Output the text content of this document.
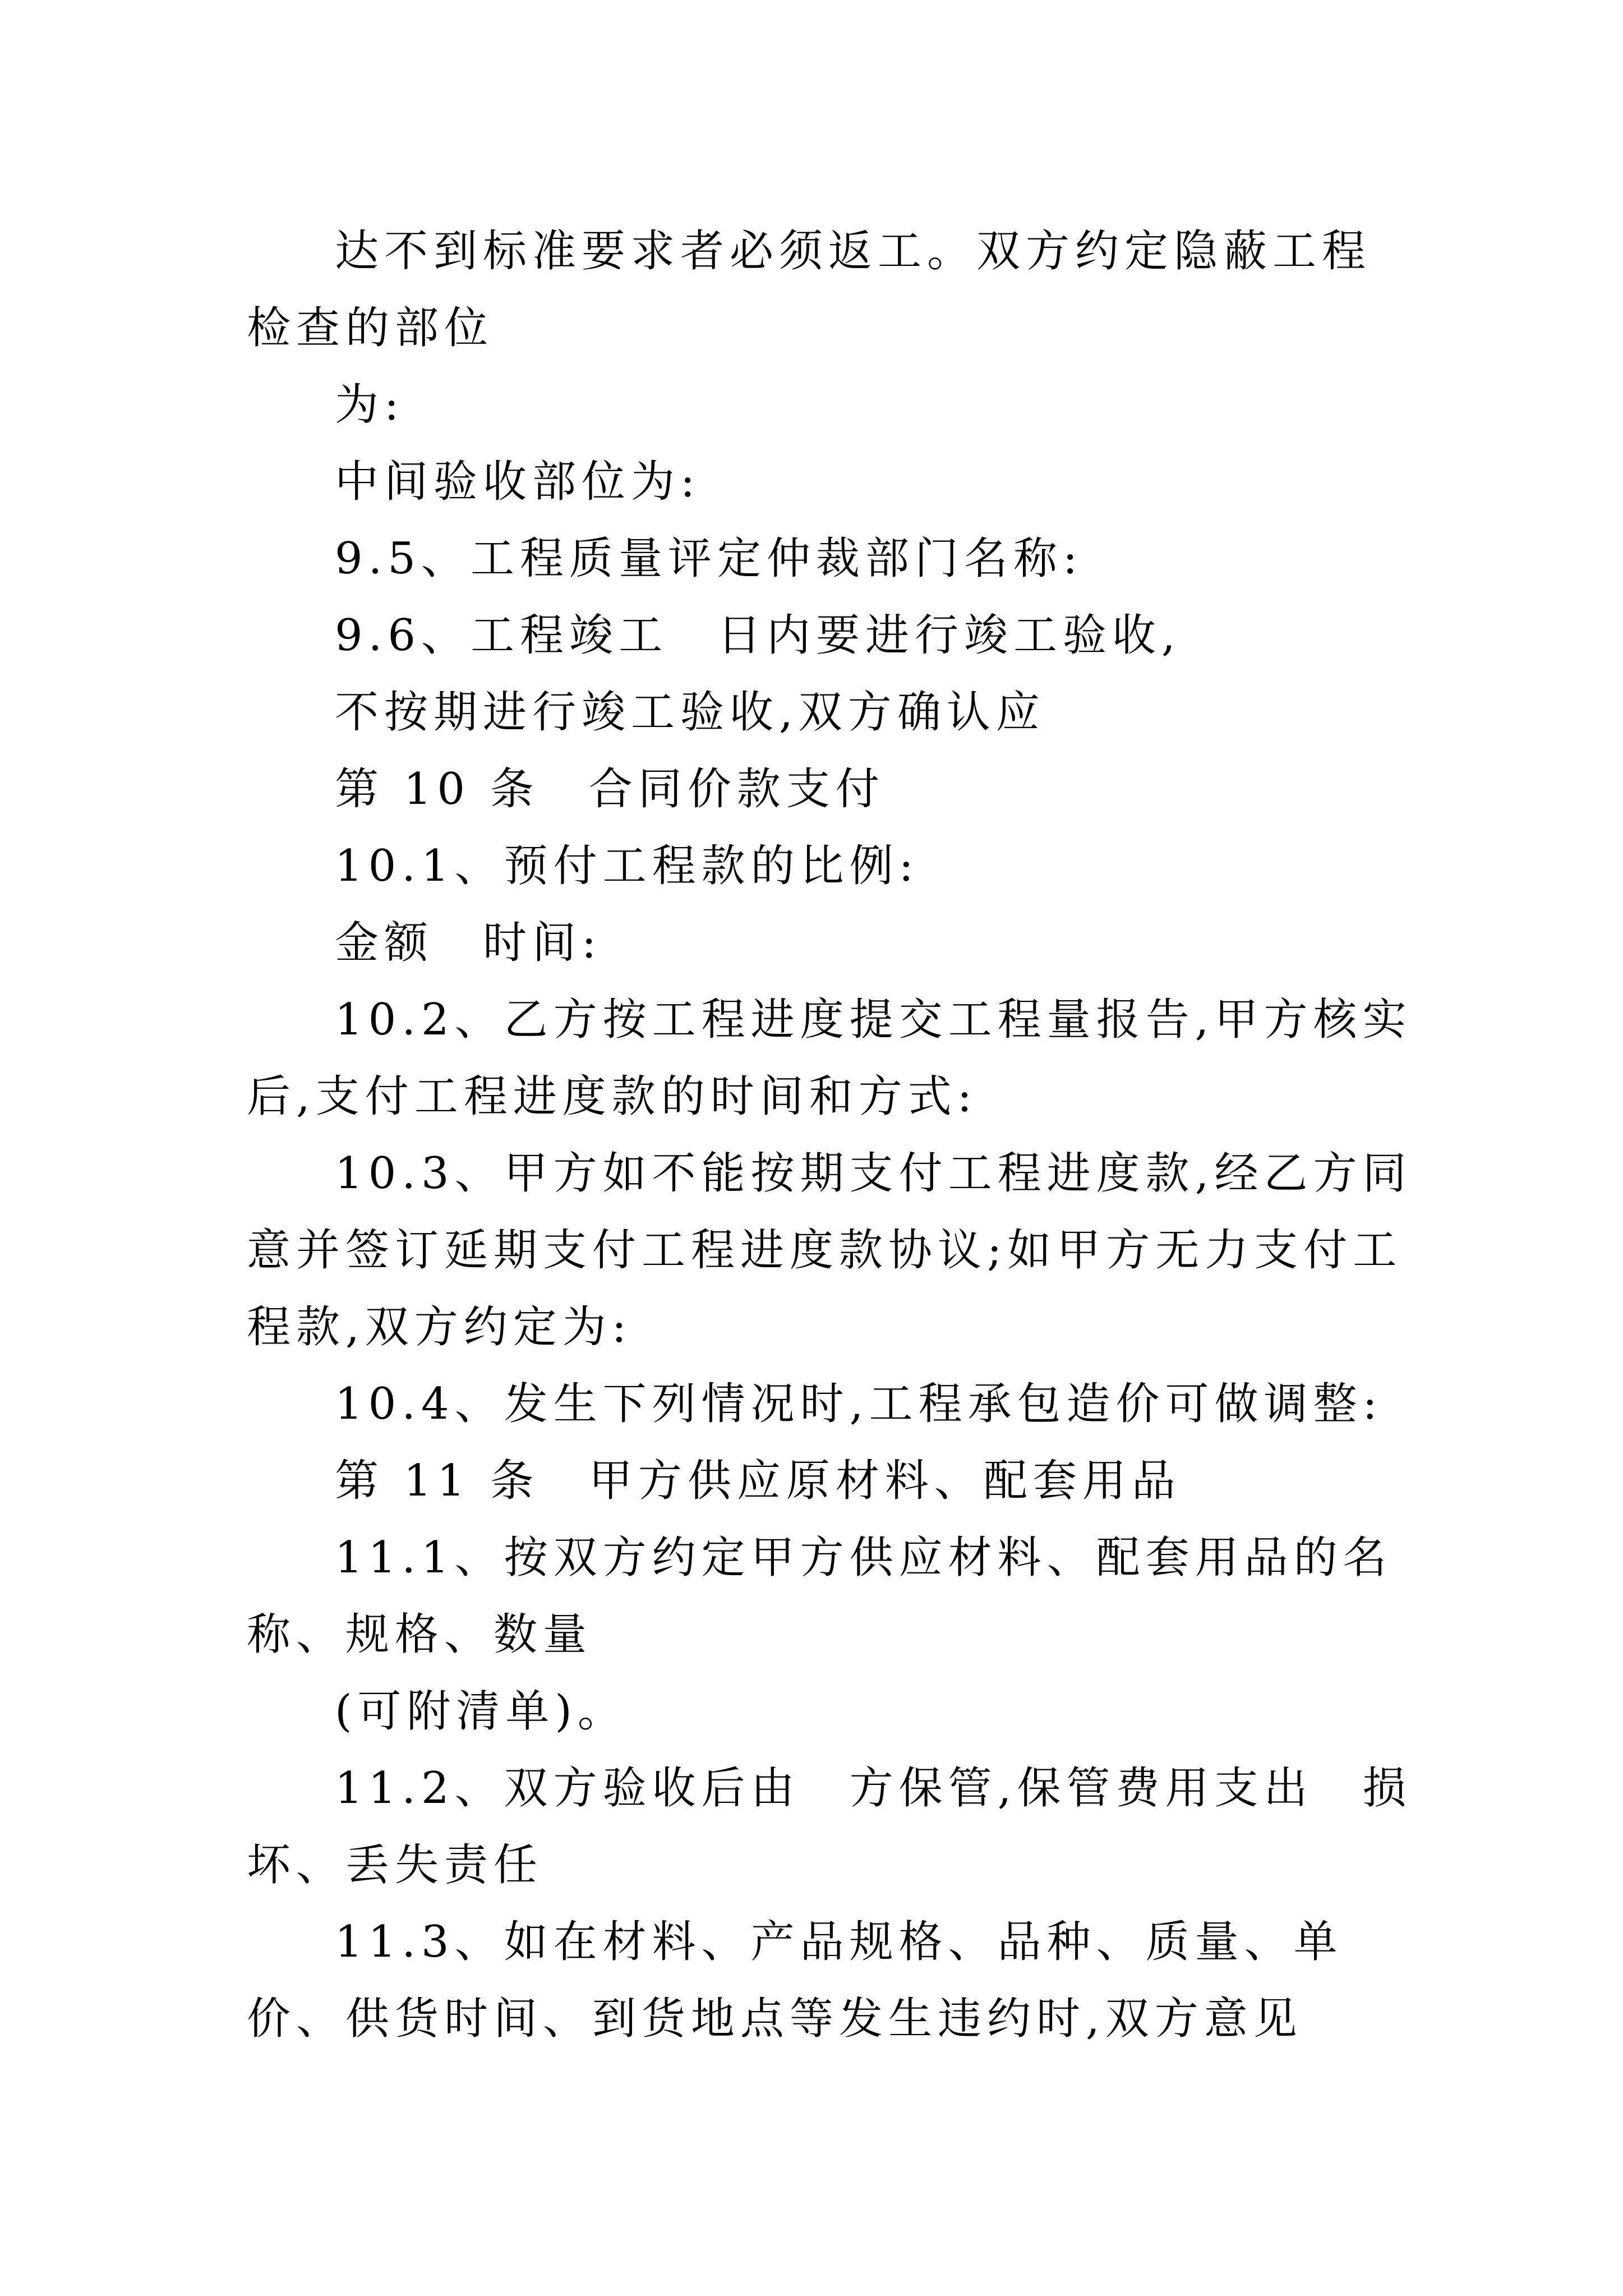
达不到标准要求者必须返工。双方约定隐蔽工程检查的部位

为:

中间验收部位为:

9.5、工程质量评定仲裁部门名称:

9.6、工程竣工　日内要进行竣工验收,

不按期进行竣工验收,双方确认应

第 10 条　合同价款支付

10.1、预付工程款的比例:

金额　时间:

10.2、乙方按工程进度提交工程量报告,甲方核实后,支付工程进度款的时间和方式:

10.3、甲方如不能按期支付工程进度款,经乙方同意并签订延期支付工程进度款协议;如甲方无力支付工程款,双方约定为:

10.4、发生下列情况时,工程承包造价可做调整:

第 11 条　甲方供应原材料、配套用品

11.1、按双方约定甲方供应材料、配套用品的名称、规格、数量

(可附清单)。

11.2、双方验收后由　方保管,保管费用支出　损坏、丢失责任

11.3、如在材料、产品规格、品种、质量、单价、供货时间、到货地点等发生违约时,双方意见
